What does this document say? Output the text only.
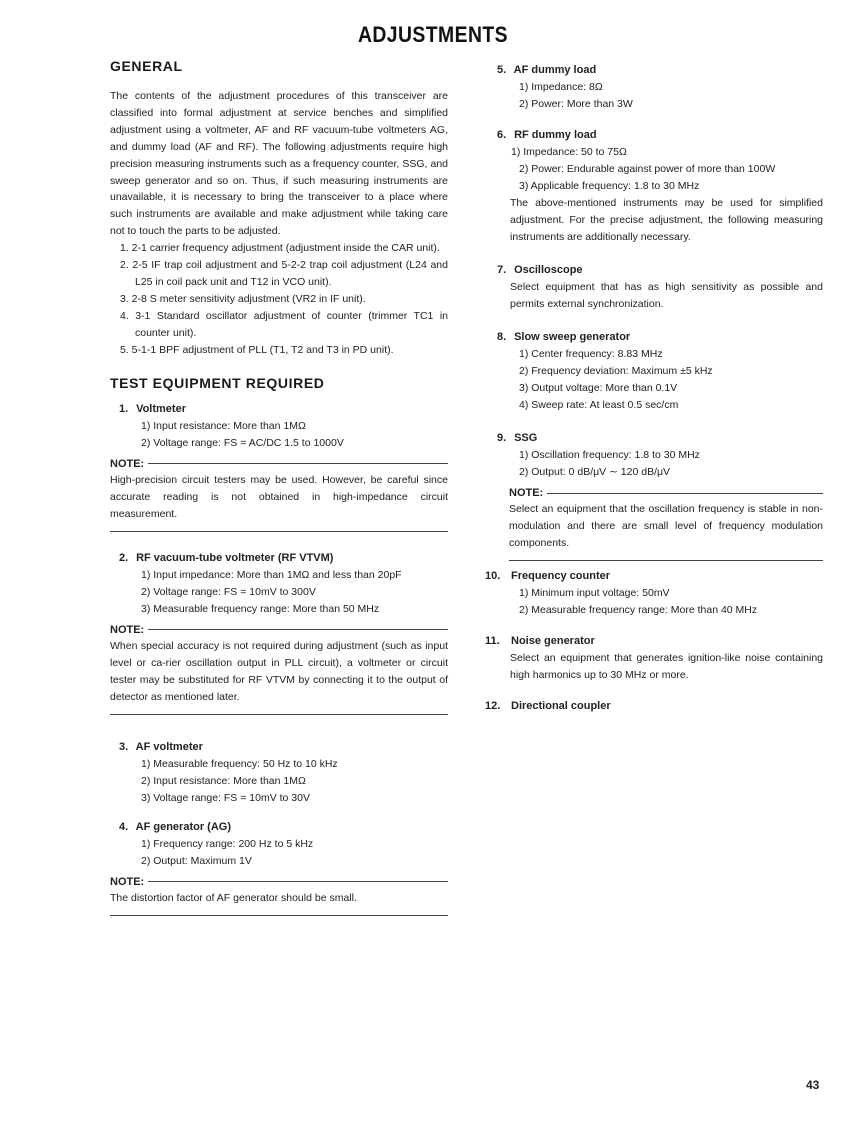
ADJUSTMENTS
GENERAL

The contents of the adjustment procedures of this transceiver are classified into formal adjustment at service benches and simplified adjustment using a voltmeter, AF and RF vacuum-tube voltmeters AG, and dummy load (AF and RF). The following adjustments require high precision measuring instruments such as a frequency counter, SSG, and sweep generator and so on. Thus, if such measuring instruments are unavailable, it is necessary to bring the transceiver to a place where such instruments are available and make adjustment while taking care not to touch the parts to be adjusted.

1. 2-1 carrier frequency adjustment (adjustment inside the CAR unit).
2. 2-5 IF trap coil adjustment and 5-2-2 trap coil adjustment (L24 and L25 in coil pack unit and T12 in VCO unit).
3. 2-8 S meter sensitivity adjustment (VR2 in IF unit).
4. 3-1 Standard oscillator adjustment of counter (trimmer TC1 in counter unit).
5. 5-1-1 BPF adjustment of PLL (T1, T2 and T3 in PD unit).
TEST EQUIPMENT REQUIRED
1. Voltmeter

1) Input resistance: More than 1MΩ

2) Voltage range: FS = AC/DC 1.5 to 1000V

NOTE:

High-precision circuit testers may be used. However, be careful since accurate reading is not obtained in high-impedance circuit measurement.

2. RF vacuum-tube voltmeter (RF VTVM)

1) Input impedance: More than 1MΩ and less than 20pF

2) Voltage range: FS = 10mV to 300V

3) Measurable frequency range: More than 50 MHz

NOTE:

When special accuracy is not required during adjustment (such as input level or ca-rier oscillation output in PLL circuit), a voltmeter or circuit tester may be substituted for RF VTVM by connecting it to the output of detector as mentioned later.

3. AF voltmeter

1) Measurable frequency: 50 Hz to 10 kHz

2) Input resistance: More than 1MΩ

3) Voltage range: FS = 10mV to 30V

4. AF generator (AG)

1) Frequency range: 200 Hz to 5 kHz

2) Output: Maximum 1V

NOTE:

The distortion factor of AF generator should be small.

5. AF dummy load

1) Impedance: 8Ω

2) Power: More than 3W

6. RF dummy load

1) Impedance: 50 to 75Ω

2) Power: Endurable against power of more than 100W

3) Applicable frequency: 1.8 to 30 MHz

The above-mentioned instruments may be used for simplified adjustment. For the precise adjustment, the following measuring instruments are additionally necessary.

7. Oscilloscope

Select equipment that has as high sensitivity as possible and permits external synchronization.

8. Slow sweep generator

1) Center frequency: 8.83 MHz

2) Frequency deviation: Maximum ±5 kHz

3) Output voltage: More than 0.1V

4) Sweep rate: At least 0.5 sec/cm

9. SSG

1) Oscillation frequency: 1.8 to 30 MHz

2) Output: 0 dB/μV ∼ 120 dB/μV

NOTE:

Select an equipment that the oscillation frequency is stable in non-modulation and there are small level of frequency modulation components.

10. Frequency counter

1) Minimum input voltage: 50mV

2) Measurable frequency range: More than 40 MHz

11. Noise generator

Select an equipment that generates ignition-like noise containing high harmonics up to 30 MHz or more.

12. Directional coupler
43
